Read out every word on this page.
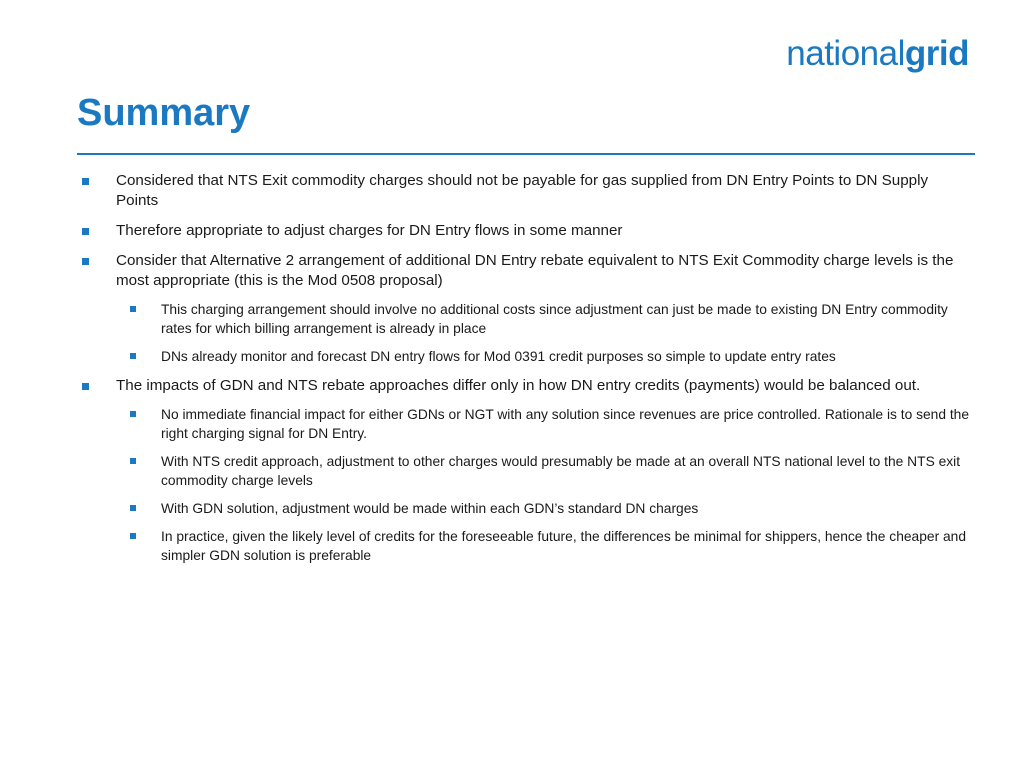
nationalgrid
Summary
Considered that NTS Exit commodity charges should not be payable for gas supplied from DN Entry Points to DN Supply Points
Therefore appropriate to adjust charges for DN Entry flows in some manner
Consider that Alternative 2 arrangement of additional DN Entry rebate equivalent to NTS Exit Commodity charge levels is the most appropriate (this is the Mod 0508 proposal)
This charging arrangement should involve no additional costs since adjustment can just be made to existing DN Entry commodity rates for which billing arrangement is already in place
DNs already monitor and forecast DN entry flows for Mod 0391 credit purposes so simple to update entry rates
The impacts of GDN and NTS rebate approaches differ only in how DN entry credits (payments) would be balanced out.
No immediate financial impact for either GDNs or NGT with any solution since revenues are price controlled. Rationale is to send the right charging signal for DN Entry.
With NTS credit approach, adjustment to other charges would presumably be made at an overall NTS national level to the NTS exit commodity charge levels
With GDN solution, adjustment would be made within each GDN’s standard DN charges
In practice, given the likely level of credits for the foreseeable future, the differences be minimal for shippers, hence the cheaper and simpler GDN solution is preferable
